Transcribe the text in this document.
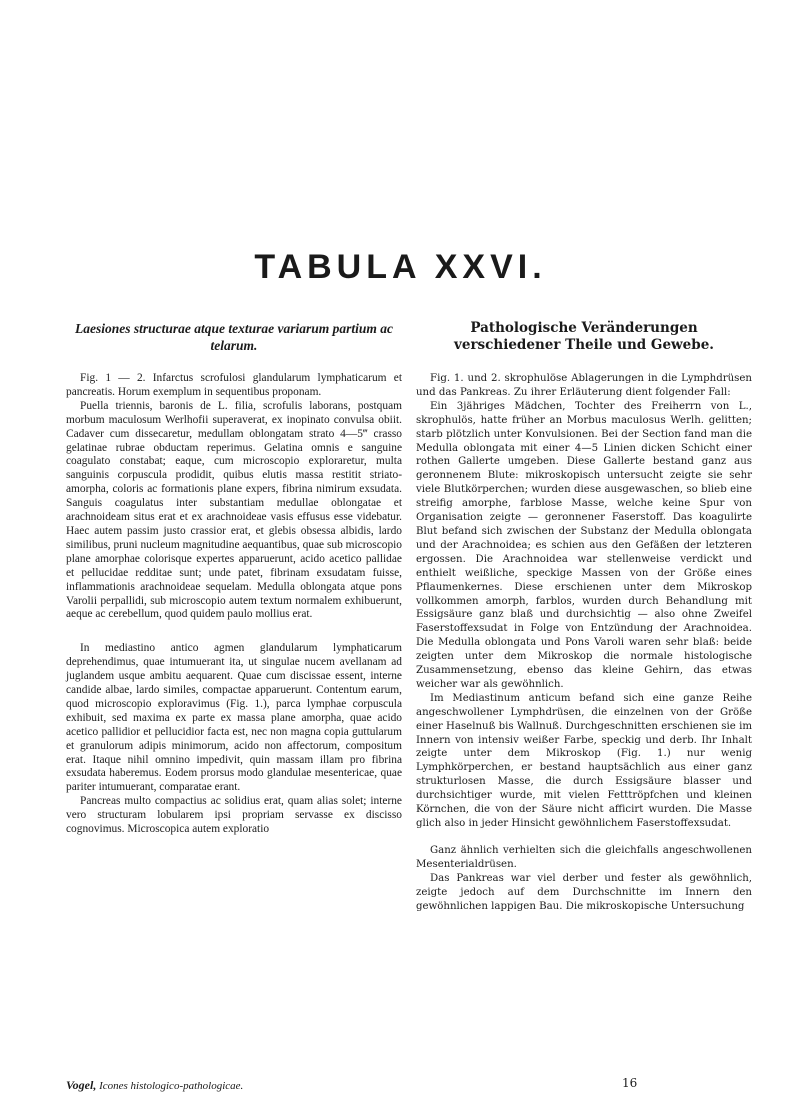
TABULA XXVI.
Laesiones structurae atque texturae variarum partium ac telarum.

Fig. 1 — 2. Infarctus scrofulosi glandularum lymphaticarum et pancreatis. Horum exemplum in sequentibus proponam.

Puella triennis, baronis de L. filia, scrofulis laborans, postquam morbum maculosum Werlhofii superaverat, ex inopinato convulsa obiit. Cadaver cum dissecaretur, medullam oblongatam strato 4—5‴ crasso gelatinae rubrae obductam reperimus. Gelatina omnis e sanguine coagulato constabat; eaque, cum microscopio exploraretur, multa sanguinis corpuscula prodidit, quibus elutis massa restitit striato-amorpha, coloris ac formationis plane expers, fibrina nimirum exsudata. Sanguis coagulatus inter substantiam medullae oblongatae et arachnoideam situs erat et ex arachnoideae vasis effusus esse videbatur. Haec autem passim justo crassior erat, et glebis obsessa albidis, lardo similibus, pruni nucleum magnitudine aequantibus, quae sub microscopio plane amorphae colorisque expertes apparuerunt, acido acetico pallidae et pellucidae redditae sunt; unde patet, fibrinam exsudatam fuisse, inflammationis arachnoideae sequelam. Medulla oblongata atque pons Varolii perpallidi, sub microscopio autem textum normalem exhibuerunt, aeque ac cerebellum, quod quidem paulo mollius erat.

In mediastino antico agmen glandularum lymphaticarum deprehendimus, quae intumuerant ita, ut singulae nucem avellanam ad juglandem usque ambitu aequarent. Quae cum discissae essent, interne candide albae, lardo similes, compactae apparuerunt. Contentum earum, quod microscopio exploravimus (Fig. 1.), parca lymphae corpuscula exhibuit, sed maxima ex parte ex massa plane amorpha, quae acido acetico pallidior et pellucidior facta est, nec non magna copia guttularum et granulorum adipis minimorum, acido non affectorum, compositum erat. Itaque nihil omnino impedivit, quin massam illam pro fibrina exsudata haberemus. Eodem prorsus modo glandulae mesentericae, quae pariter intumuerant, comparatae erant.

Pancreas multo compactius ac solidius erat, quam alias solet; interne vero structuram lobularem ipsi propriam servasse ex discisso cognovimus. Microscopica autem exploratio

Pathologische Veränderungen verschiedener Theile und Gewebe.

Fig. 1. und 2. skrophulöse Ablagerungen in die Lymphdrüsen und das Pankreas. Zu ihrer Erläuterung dient folgender Fall:

Ein 3jähriges Mädchen, Tochter des Freiherrn von L., skrophulös, hatte früher an Morbus maculosus Werlh. gelitten; starb plötzlich unter Konvulsionen. Bei der Section fand man die Medulla oblongata mit einer 4—5 Linien dicken Schicht einer rothen Gallerte umgeben. Diese Gallerte bestand ganz aus geronnenem Blute: mikroskopisch untersucht zeigte sie sehr viele Blutkörperchen; wurden diese ausgewaschen, so blieb eine streifig amorphe, farblose Masse, welche keine Spur von Organisation zeigte — geronnener Faserstoff. Das koagulirte Blut befand sich zwischen der Substanz der Medulla oblongata und der Arachnoidea; es schien aus den Gefäßen der letzteren ergossen. Die Arachnoidea war stellenweise verdickt und enthielt weißliche, speckige Massen von der Größe eines Pflaumenkernes. Diese erschienen unter dem Mikroskop vollkommen amorph, farblos, wurden durch Behandlung mit Essigsäure ganz blaß und durchsichtig — also ohne Zweifel Faserstoffexsudat in Folge von Entzündung der Arachnoidea. Die Medulla oblongata und Pons Varoli waren sehr blaß: beide zeigten unter dem Mikroskop die normale histologische Zusammensetzung, ebenso das kleine Gehirn, das etwas weicher war als gewöhnlich.

Im Mediastinum anticum befand sich eine ganze Reihe angeschwollener Lymphdrüsen, die einzelnen von der Größe einer Haselnuß bis Wallnuß. Durchgeschnitten erschienen sie im Innern von intensiv weißer Farbe, speckig und derb. Ihr Inhalt zeigte unter dem Mikroskop (Fig. 1.) nur wenig Lymphkörperchen, er bestand hauptsächlich aus einer ganz strukturlosen Masse, die durch Essigsäure blasser und durchsichtiger wurde, mit vielen Fetttröpfchen und kleinen Körnchen, die von der Säure nicht afficirt wurden. Die Masse glich also in jeder Hinsicht gewöhnlichem Faserstoffexsudat.

Ganz ähnlich verhielten sich die gleichfalls angeschwollenen Mesenterialdrüsen.

Das Pankreas war viel derber und fester als gewöhnlich, zeigte jedoch auf dem Durchschnitte im Innern den gewöhnlichen lappigen Bau. Die mikroskopische Untersuchung

Vogel, Icones histologico-pathologicae.	16
